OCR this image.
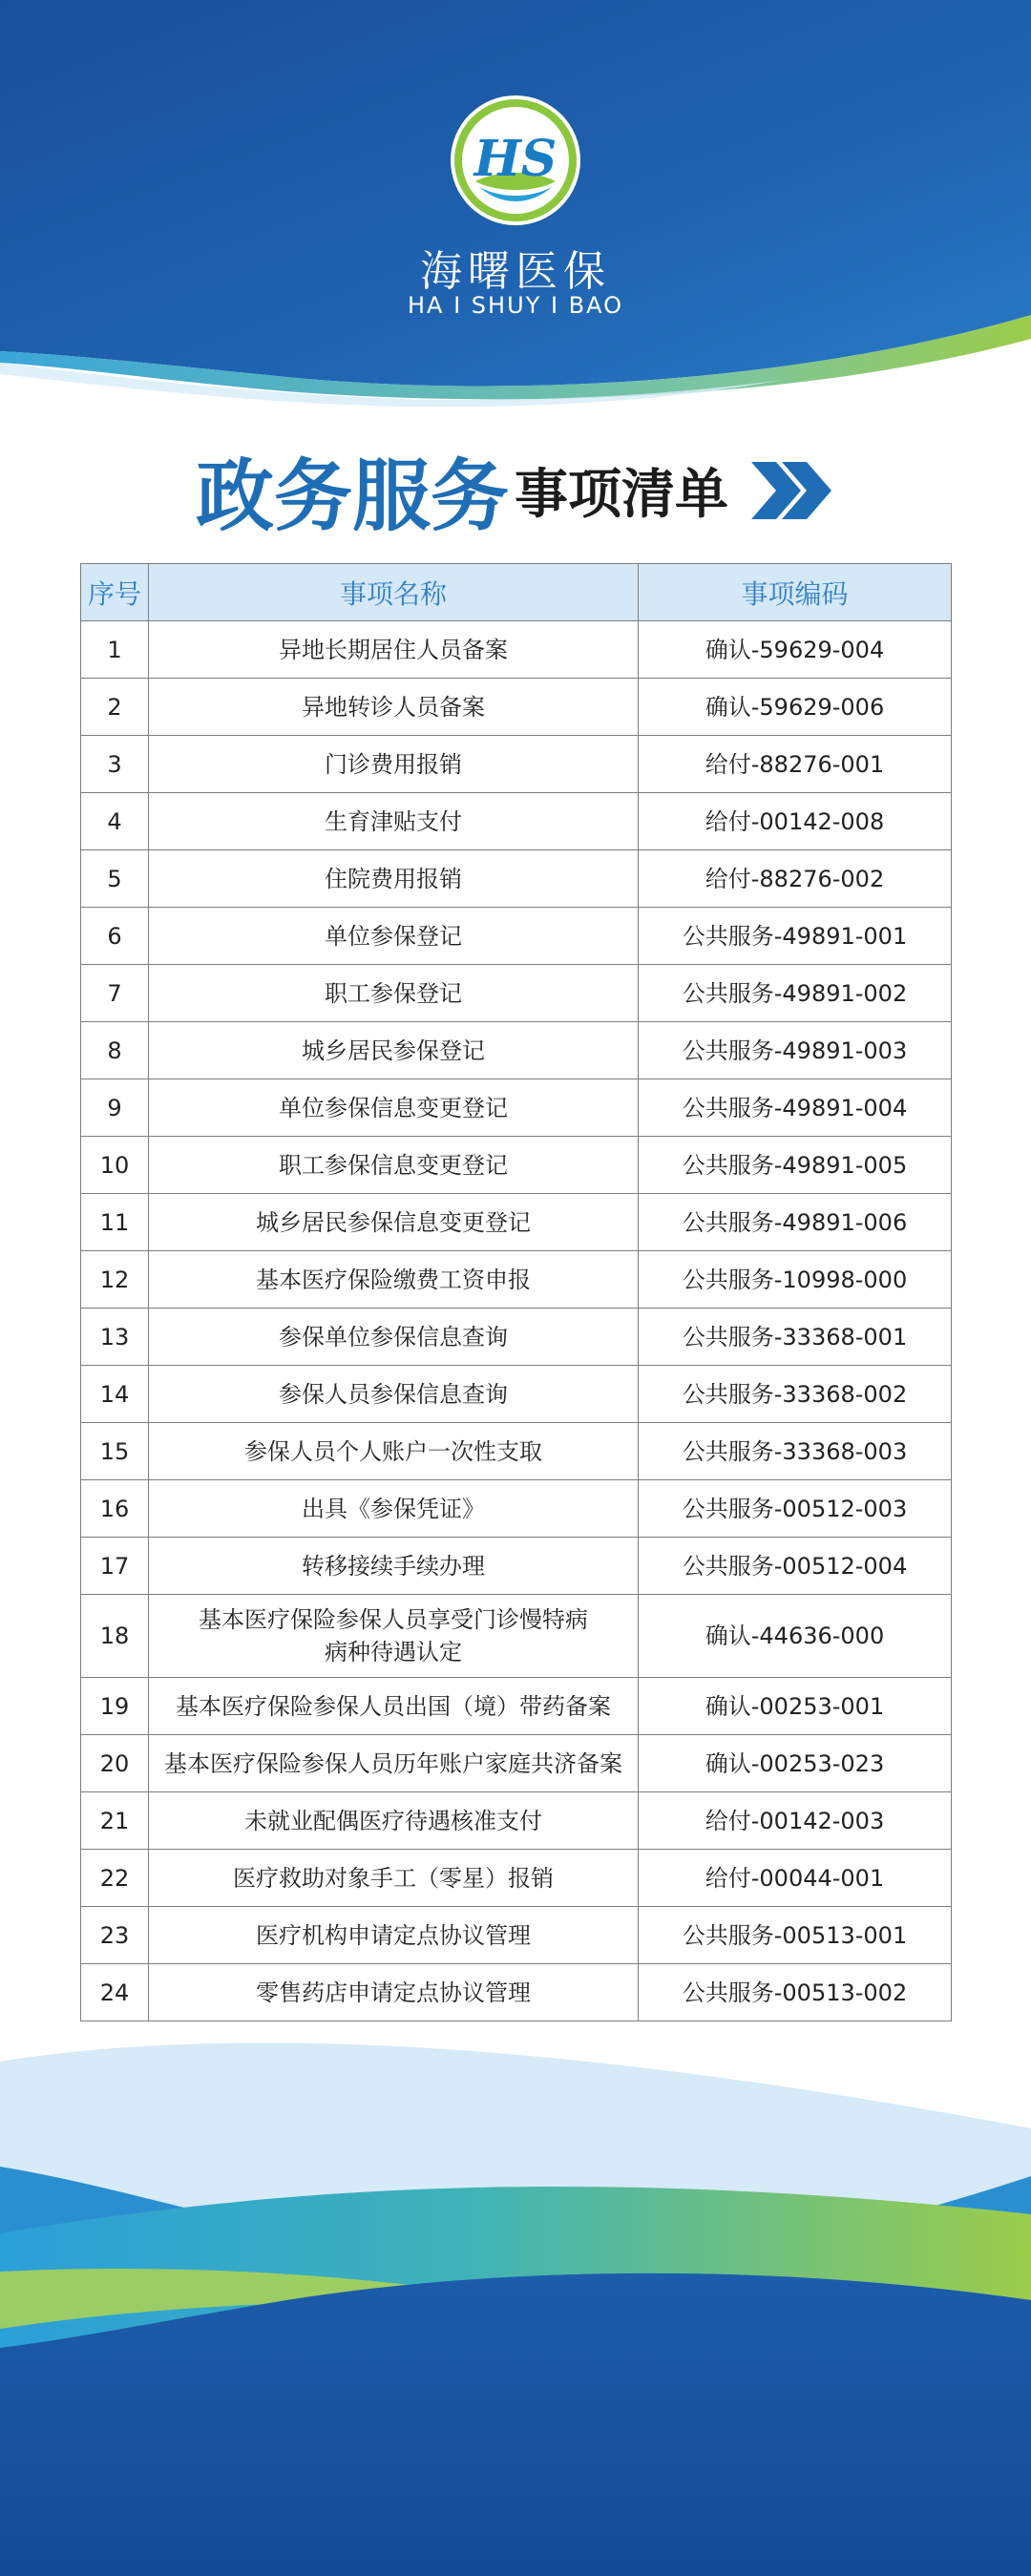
HS
海曙医保
HA I SHUY I BAO
政务服务 事项清单
序号	事项名称	事项编码
1	异地长期居住人员备案	确认-59629-004
2	异地转诊人员备案	确认-59629-006
3	门诊费用报销	给付-88276-001
4	生育津贴支付	给付-00142-008
5	住院费用报销	给付-88276-002
6	单位参保登记	公共服务-49891-001
7	职工参保登记	公共服务-49891-002
8	城乡居民参保登记	公共服务-49891-003
9	单位参保信息变更登记	公共服务-49891-004
10	职工参保信息变更登记	公共服务-49891-005
11	城乡居民参保信息变更登记	公共服务-49891-006
12	基本医疗保险缴费工资申报	公共服务-10998-000
13	参保单位参保信息查询	公共服务-33368-001
14	参保人员参保信息查询	公共服务-33368-002
15	参保人员个人账户一次性支取	公共服务-33368-003
16	出具《参保凭证》	公共服务-00512-003
17	转移接续手续办理	公共服务-00512-004
18	基本医疗保险参保人员享受门诊慢特病
病种待遇认定	确认-44636-000
19	基本医疗保险参保人员出国（境）带药备案	确认-00253-001
20	基本医疗保险参保人员历年账户家庭共济备案	确认-00253-023
21	未就业配偶医疗待遇核准支付	给付-00142-003
22	医疗救助对象手工（零星）报销	给付-00044-001
23	医疗机构申请定点协议管理	公共服务-00513-001
24	零售药店申请定点协议管理	公共服务-00513-002
